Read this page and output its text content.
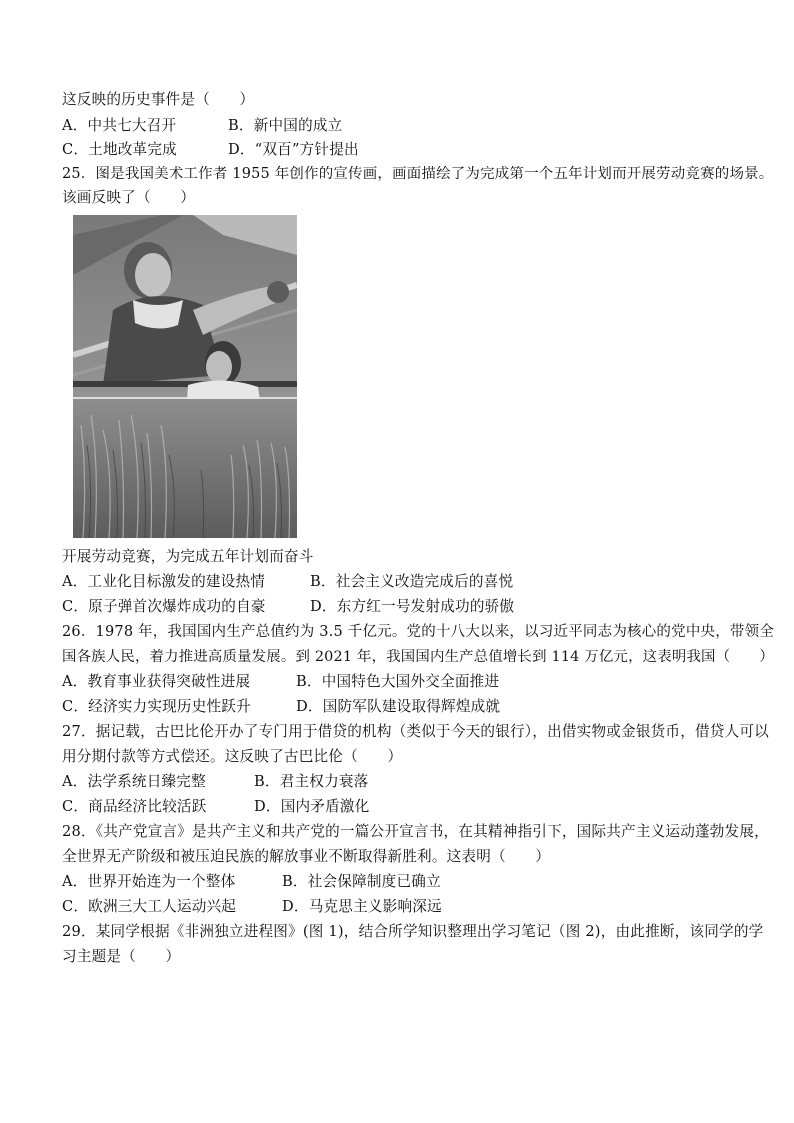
这反映的历史事件是（　　）
A．中共七大召开	B．新中国的成立
C．土地改革完成	D．“双百”方针提出
25．图是我国美术工作者 1955 年创作的宣传画，画面描绘了为完成第一个五年计划而开展劳动竞赛的场景。
该画反映了（　　）
开展劳动竞赛，为完成五年计划而奋斗
A．工业化目标激发的建设热情	B．社会主义改造完成后的喜悦
C．原子弹首次爆炸成功的自豪	D．东方红一号发射成功的骄傲
26．1978 年，我国国内生产总值约为 3.5 千亿元。党的十八大以来，以习近平同志为核心的党中央，带领全
国各族人民，着力推进高质量发展。到 2021 年，我国国内生产总值增长到 114 万亿元，这表明我国（　　）
A．教育事业获得突破性进展	B．中国特色大国外交全面推进
C．经济实力实现历史性跃升	D．国防军队建设取得辉煌成就
27．据记载，古巴比伦开办了专门用于借贷的机构（类似于今天的银行），出借实物或金银货币，借贷人可以
用分期付款等方式偿还。这反映了古巴比伦（　　）
A．法学系统日臻完整	B．君主权力衰落
C．商品经济比较活跃	D．国内矛盾激化
28．《共产党宣言》是共产主义和共产党的一篇公开宣言书，在其精神指引下，国际共产主义运动蓬勃发展，
全世界无产阶级和被压迫民族的解放事业不断取得新胜利。这表明（　　）
A．世界开始连为一个整体	B．社会保障制度已确立
C．欧洲三大工人运动兴起	D．马克思主义影响深远
29．某同学根据《非洲独立进程图》(图 1)，结合所学知识整理出学习笔记（图 2)，由此推断，该同学的学
习主题是（　　）
